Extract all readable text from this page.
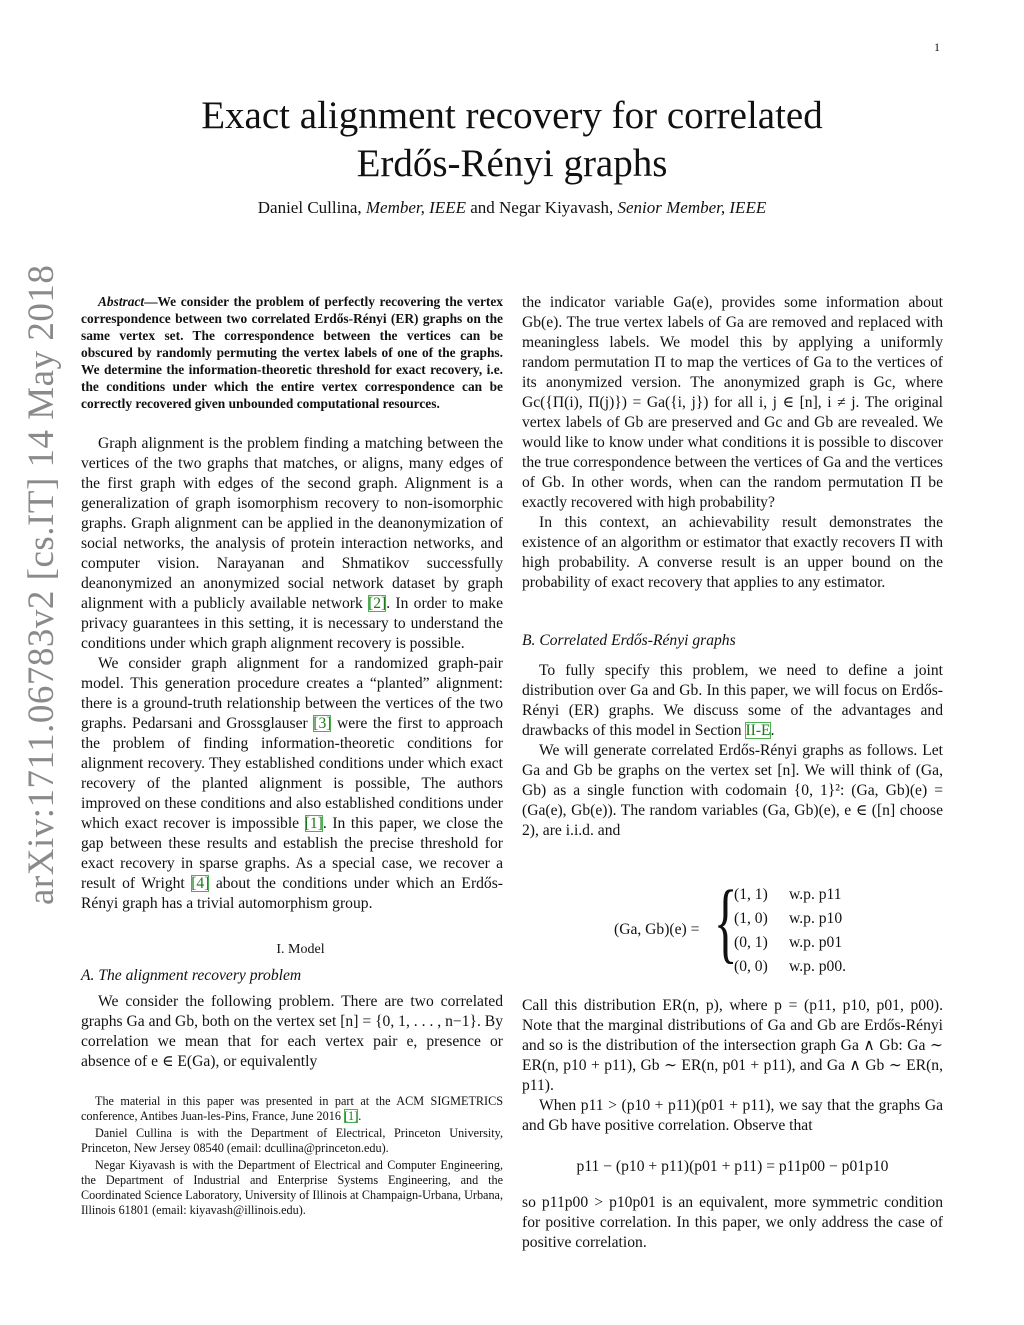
1
arXiv:1711.06783v2 [cs.IT] 14 May 2018
Exact alignment recovery for correlated
Erdős-Rényi graphs
Daniel Cullina, Member, IEEE and Negar Kiyavash, Senior Member, IEEE

Abstract—We consider the problem of perfectly recovering the vertex correspondence between two correlated Erdős-Rényi (ER) graphs on the same vertex set. The correspondence between the vertices can be obscured by randomly permuting the vertex labels of one of the graphs. We determine the information-theoretic threshold for exact recovery, i.e. the conditions under which the entire vertex correspondence can be correctly recovered given unbounded computational resources.

Graph alignment is the problem finding a matching between the vertices of the two graphs that matches, or aligns, many edges of the first graph with edges of the second graph. Alignment is a generalization of graph isomorphism recovery to non-isomorphic graphs. Graph alignment can be applied in the deanonymization of social networks, the analysis of protein interaction networks, and computer vision. Narayanan and Shmatikov successfully deanonymized an anonymized social network dataset by graph alignment with a publicly available network [2]. In order to make privacy guarantees in this setting, it is necessary to understand the conditions under which graph alignment recovery is possible.

We consider graph alignment for a randomized graph-pair model. This generation procedure creates a “planted” alignment: there is a ground-truth relationship between the vertices of the two graphs. Pedarsani and Grossglauser [3] were the first to approach the problem of finding information-theoretic conditions for alignment recovery. They established conditions under which exact recovery of the planted alignment is possible, The authors improved on these conditions and also established conditions under which exact recover is impossible [1]. In this paper, we close the gap between these results and establish the precise threshold for exact recovery in sparse graphs. As a special case, we recover a result of Wright [4] about the conditions under which an Erdős-Rényi graph has a trivial automorphism group.

I. Model

A. The alignment recovery problem

We consider the following problem. There are two correlated graphs Ga and Gb, both on the vertex set [n] = {0, 1, . . . , n−1}. By correlation we mean that for each vertex pair e, presence or absence of e ∈ E(Ga), or equivalently

The material in this paper was presented in part at the ACM SIGMETRICS conference, Antibes Juan-les-Pins, France, June 2016 [1].

Daniel Cullina is with the Department of Electrical, Princeton University, Princeton, New Jersey 08540 (email: dcullina@princeton.edu).

Negar Kiyavash is with the Department of Electrical and Computer Engineering, the Department of Industrial and Enterprise Systems Engineering, and the Coordinated Science Laboratory, University of Illinois at Champaign-Urbana, Urbana, Illinois 61801 (email: kiyavash@illinois.edu).

the indicator variable Ga(e), provides some information about Gb(e). The true vertex labels of Ga are removed and replaced with meaningless labels. We model this by applying a uniformly random permutation Π to map the vertices of Ga to the vertices of its anonymized version. The anonymized graph is Gc, where Gc({Π(i), Π(j)}) = Ga({i, j}) for all i, j ∈ [n], i ≠ j. The original vertex labels of Gb are preserved and Gc and Gb are revealed. We would like to know under what conditions it is possible to discover the true correspondence between the vertices of Ga and the vertices of Gb. In other words, when can the random permutation Π be exactly recovered with high probability?

In this context, an achievability result demonstrates the existence of an algorithm or estimator that exactly recovers Π with high probability. A converse result is an upper bound on the probability of exact recovery that applies to any estimator.

B. Correlated Erdős-Rényi graphs

To fully specify this problem, we need to define a joint distribution over Ga and Gb. In this paper, we will focus on Erdős-Rényi (ER) graphs. We discuss some of the advantages and drawbacks of this model in Section II-E.

We will generate correlated Erdős-Rényi graphs as follows. Let Ga and Gb be graphs on the vertex set [n]. We will think of (Ga, Gb) as a single function with codomain {0, 1}²: (Ga, Gb)(e) = (Ga(e), Gb(e)). The random variables (Ga, Gb)(e), e ∈ ([n] choose 2), are i.i.d. and

(Ga, Gb)(e) = {
(1, 1) w.p. p11
(1, 0) w.p. p10
(0, 1) w.p. p01
(0, 0) w.p. p00.

Call this distribution ER(n, p), where p = (p11, p10, p01, p00). Note that the marginal distributions of Ga and Gb are Erdős-Rényi and so is the distribution of the intersection graph Ga ∧ Gb: Ga ∼ ER(n, p10 + p11), Gb ∼ ER(n, p01 + p11), and Ga ∧ Gb ∼ ER(n, p11).

When p11 > (p10 + p11)(p01 + p11), we say that the graphs Ga and Gb have positive correlation. Observe that

p11 − (p10 + p11)(p01 + p11) = p11p00 − p01p10

so p11p00 > p10p01 is an equivalent, more symmetric condition for positive correlation. In this paper, we only address the case of positive correlation.
